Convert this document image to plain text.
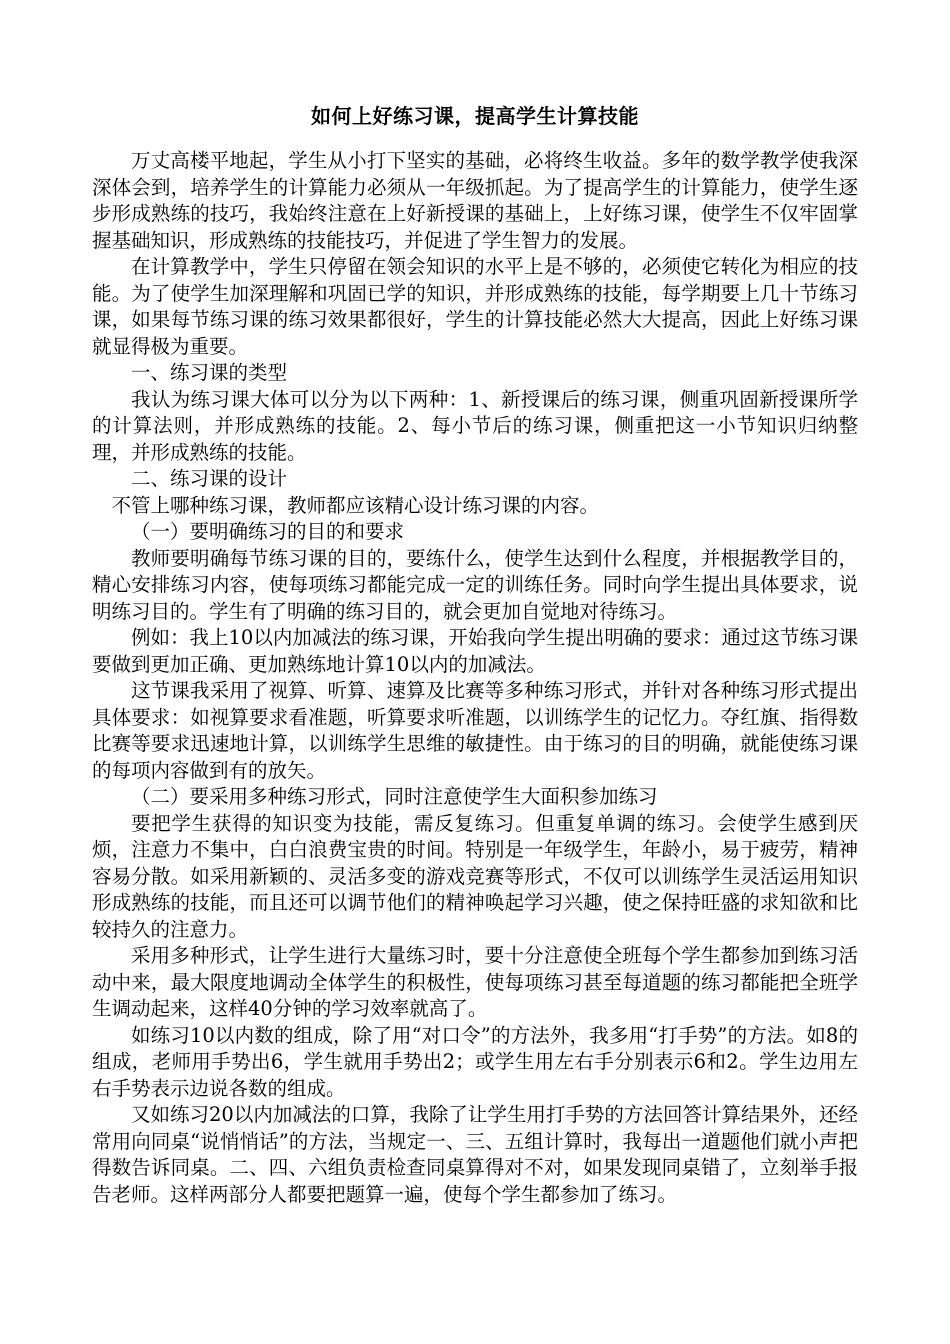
如何上好练习课，提高学生计算技能

万丈高楼平地起，学生从小打下坚实的基础，必将终生收益。多年的数学教学使我深深体会到，培养学生的计算能力必须从一年级抓起。为了提高学生的计算能力，使学生逐步形成熟练的技巧，我始终注意在上好新授课的基础上，上好练习课，使学生不仅牢固掌握基础知识，形成熟练的技能技巧，并促进了学生智力的发展。

在计算教学中，学生只停留在领会知识的水平上是不够的，必须使它转化为相应的技能。为了使学生加深理解和巩固已学的知识，并形成熟练的技能，每学期要上几十节练习课，如果每节练习课的练习效果都很好，学生的计算技能必然大大提高，因此上好练习课就显得极为重要。

一、练习课的类型

我认为练习课大体可以分为以下两种：1、新授课后的练习课，侧重巩固新授课所学的计算法则，并形成熟练的技能。2、每小节后的练习课，侧重把这一小节知识归纳整理，并形成熟练的技能。

二、练习课的设计

不管上哪种练习课，教师都应该精心设计练习课的内容。

（一）要明确练习的目的和要求

教师要明确每节练习课的目的，要练什么，使学生达到什么程度，并根据教学目的，精心安排练习内容，使每项练习都能完成一定的训练任务。同时向学生提出具体要求，说明练习目的。学生有了明确的练习目的，就会更加自觉地对待练习。

例如：我上10以内加减法的练习课，开始我向学生提出明确的要求：通过这节练习课要做到更加正确、更加熟练地计算10以内的加减法。

这节课我采用了视算、听算、速算及比赛等多种练习形式，并针对各种练习形式提出具体要求：如视算要求看准题，听算要求听准题，以训练学生的记忆力。夺红旗、指得数比赛等要求迅速地计算，以训练学生思维的敏捷性。由于练习的目的明确，就能使练习课的每项内容做到有的放矢。

（二）要采用多种练习形式，同时注意使学生大面积参加练习

要把学生获得的知识变为技能，需反复练习。但重复单调的练习。会使学生感到厌烦，注意力不集中，白白浪费宝贵的时间。特别是一年级学生，年龄小，易于疲劳，精神容易分散。如采用新颖的、灵活多变的游戏竞赛等形式，不仅可以训练学生灵活运用知识形成熟练的技能，而且还可以调节他们的精神唤起学习兴趣，使之保持旺盛的求知欲和比较持久的注意力。

采用多种形式，让学生进行大量练习时，要十分注意使全班每个学生都参加到练习活动中来，最大限度地调动全体学生的积极性，使每项练习甚至每道题的练习都能把全班学生调动起来，这样40分钟的学习效率就高了。

如练习10以内数的组成，除了用“对口令”的方法外，我多用“打手势”的方法。如8的组成，老师用手势出6，学生就用手势出2；或学生用左右手分别表示6和2。学生边用左右手势表示边说各数的组成。

又如练习20以内加减法的口算，我除了让学生用打手势的方法回答计算结果外，还经常用向同桌“说悄悄话”的方法，当规定一、三、五组计算时，我每出一道题他们就小声把得数告诉同桌。二、四、六组负责检查同桌算得对不对，如果发现同桌错了，立刻举手报告老师。这样两部分人都要把题算一遍，使每个学生都参加了练习。
